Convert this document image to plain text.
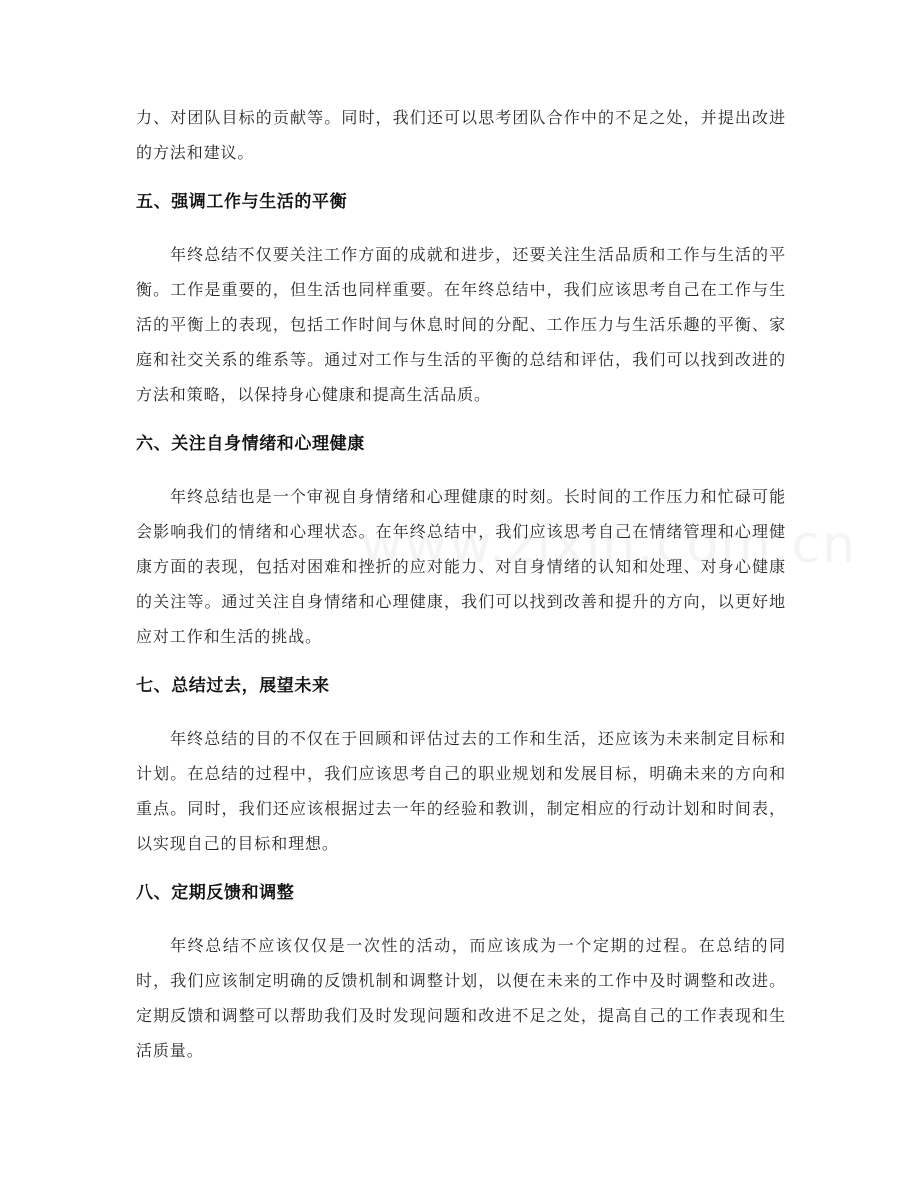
力、对团队目标的贡献等。同时，我们还可以思考团队合作中的不足之处，并提出改进的方法和建议。

五、强调工作与生活的平衡

年终总结不仅要关注工作方面的成就和进步，还要关注生活品质和工作与生活的平衡。工作是重要的，但生活也同样重要。在年终总结中，我们应该思考自己在工作与生活的平衡上的表现，包括工作时间与休息时间的分配、工作压力与生活乐趣的平衡、家庭和社交关系的维系等。通过对工作与生活的平衡的总结和评估，我们可以找到改进的方法和策略，以保持身心健康和提高生活品质。

六、关注自身情绪和心理健康

年终总结也是一个审视自身情绪和心理健康的时刻。长时间的工作压力和忙碌可能会影响我们的情绪和心理状态。在年终总结中，我们应该思考自己在情绪管理和心理健康方面的表现，包括对困难和挫折的应对能力、对自身情绪的认知和处理、对身心健康的关注等。通过关注自身情绪和心理健康，我们可以找到改善和提升的方向，以更好地应对工作和生活的挑战。

七、总结过去，展望未来

年终总结的目的不仅在于回顾和评估过去的工作和生活，还应该为未来制定目标和计划。在总结的过程中，我们应该思考自己的职业规划和发展目标，明确未来的方向和重点。同时，我们还应该根据过去一年的经验和教训，制定相应的行动计划和时间表，以实现自己的目标和理想。

八、定期反馈和调整

年终总结不应该仅仅是一次性的活动，而应该成为一个定期的过程。在总结的同时，我们应该制定明确的反馈机制和调整计划，以便在未来的工作中及时调整和改进。定期反馈和调整可以帮助我们及时发现问题和改进不足之处，提高自己的工作表现和生活质量。
